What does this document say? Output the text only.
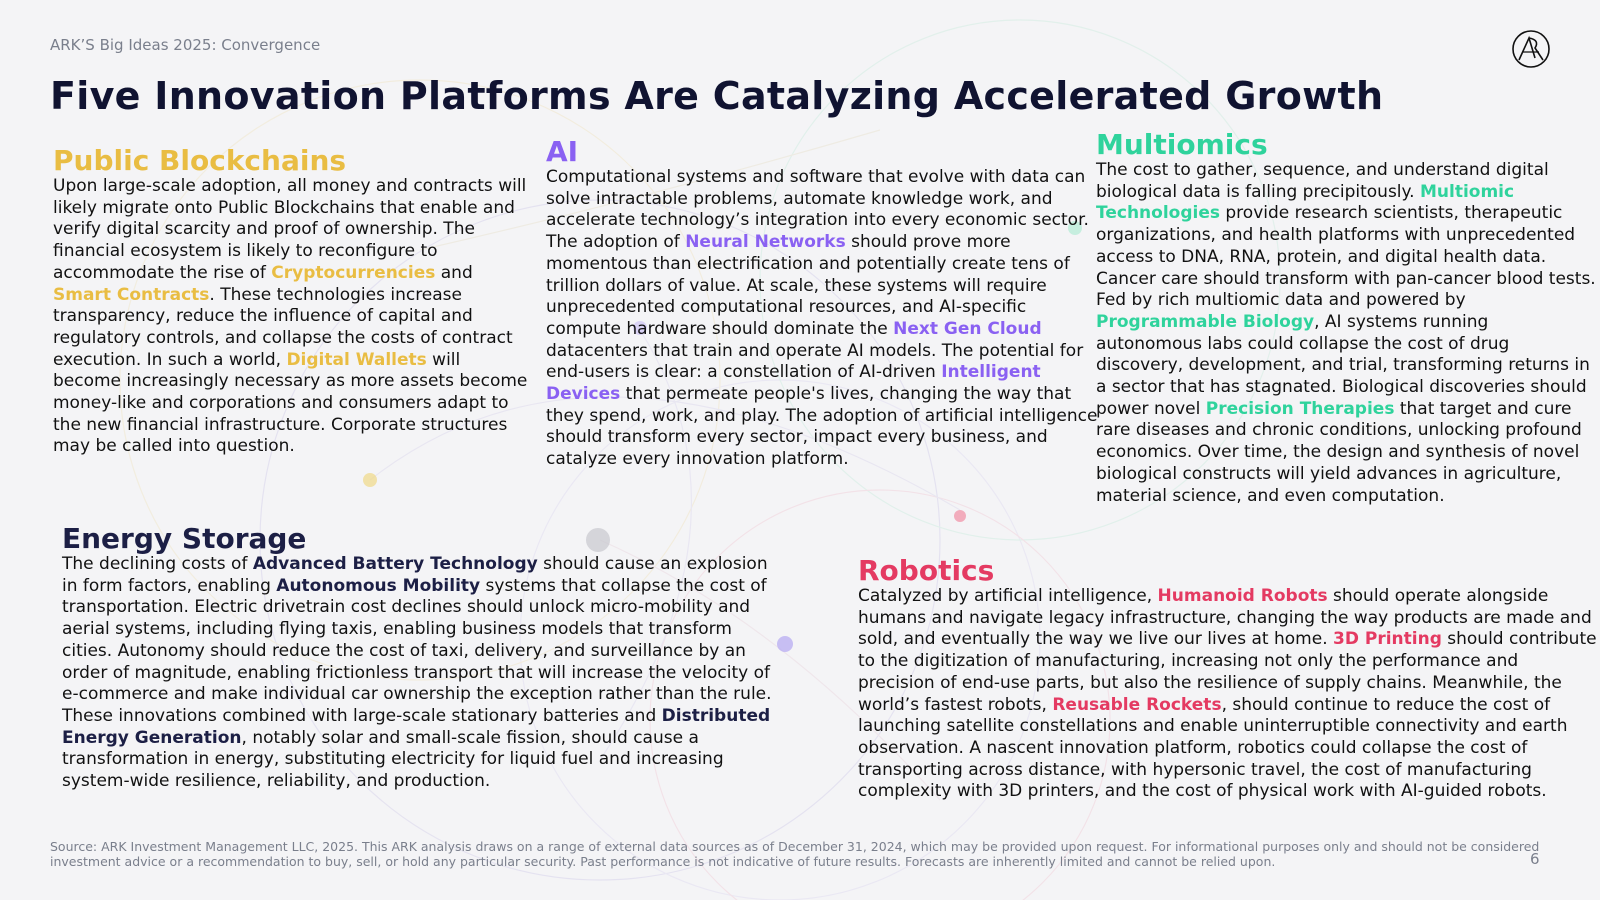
ARK’S Big Ideas 2025: Convergence
Five Innovation Platforms Are Catalyzing Accelerated Growth
Public Blockchains

Upon large-scale adoption, all money and contracts will likely migrate onto Public Blockchains that enable and verify digital scarcity and proof of ownership. The financial ecosystem is likely to reconfigure to accommodate the rise of Cryptocurrencies and Smart Contracts. These technologies increase transparency, reduce the influence of capital and regulatory controls, and collapse the costs of contract execution. In such a world, Digital Wallets will become increasingly necessary as more assets become money-like and corporations and consumers adapt to the new financial infrastructure. Corporate structures may be called into question.

AI

Computational systems and software that evolve with data can solve intractable problems, automate knowledge work, and accelerate technology’s integration into every economic sector. The adoption of Neural Networks should prove more momentous than electrification and potentially create tens of trillion dollars of value. At scale, these systems will require unprecedented computational resources, and AI-specific compute hardware should dominate the Next Gen Cloud datacenters that train and operate AI models. The potential for end-users is clear: a constellation of AI-driven Intelligent Devices that permeate people's lives, changing the way that they spend, work, and play. The adoption of artificial intelligence should transform every sector, impact every business, and catalyze every innovation platform.

Multiomics

The cost to gather, sequence, and understand digital biological data is falling precipitously. Multiomic Technologies provide research scientists, therapeutic organizations, and health platforms with unprecedented access to DNA, RNA, protein, and digital health data. Cancer care should transform with pan-cancer blood tests. Fed by rich multiomic data and powered by Programmable Biology, AI systems running autonomous labs could collapse the cost of drug discovery, development, and trial, transforming returns in a sector that has stagnated. Biological discoveries should power novel Precision Therapies that target and cure rare diseases and chronic conditions, unlocking profound economics. Over time, the design and synthesis of novel biological constructs will yield advances in agriculture, material science, and even computation.

Energy Storage

The declining costs of Advanced Battery Technology should cause an explosion in form factors, enabling Autonomous Mobility systems that collapse the cost of transportation. Electric drivetrain cost declines should unlock micro-mobility and aerial systems, including flying taxis, enabling business models that transform cities. Autonomy should reduce the cost of taxi, delivery, and surveillance by an order of magnitude, enabling frictionless transport that will increase the velocity of e-commerce and make individual car ownership the exception rather than the rule. These innovations combined with large-scale stationary batteries and Distributed Energy Generation, notably solar and small-scale fission, should cause a transformation in energy, substituting electricity for liquid fuel and increasing system-wide resilience, reliability, and production.

Robotics

Catalyzed by artificial intelligence, Humanoid Robots should operate alongside humans and navigate legacy infrastructure, changing the way products are made and sold, and eventually the way we live our lives at home. 3D Printing should contribute to the digitization of manufacturing, increasing not only the performance and precision of end-use parts, but also the resilience of supply chains. Meanwhile, the world’s fastest robots, Reusable Rockets, should continue to reduce the cost of launching satellite constellations and enable uninterruptible connectivity and earth observation. A nascent innovation platform, robotics could collapse the cost of transporting across distance, with hypersonic travel, the cost of manufacturing complexity with 3D printers, and the cost of physical work with AI-guided robots.

Source: ARK Investment Management LLC, 2025. This ARK analysis draws on a range of external data sources as of December 31, 2024, which may be provided upon request. For informational purposes only and should not be considered investment advice or a recommendation to buy, sell, or hold any particular security. Past performance is not indicative of future results. Forecasts are inherently limited and cannot be relied upon.	6
